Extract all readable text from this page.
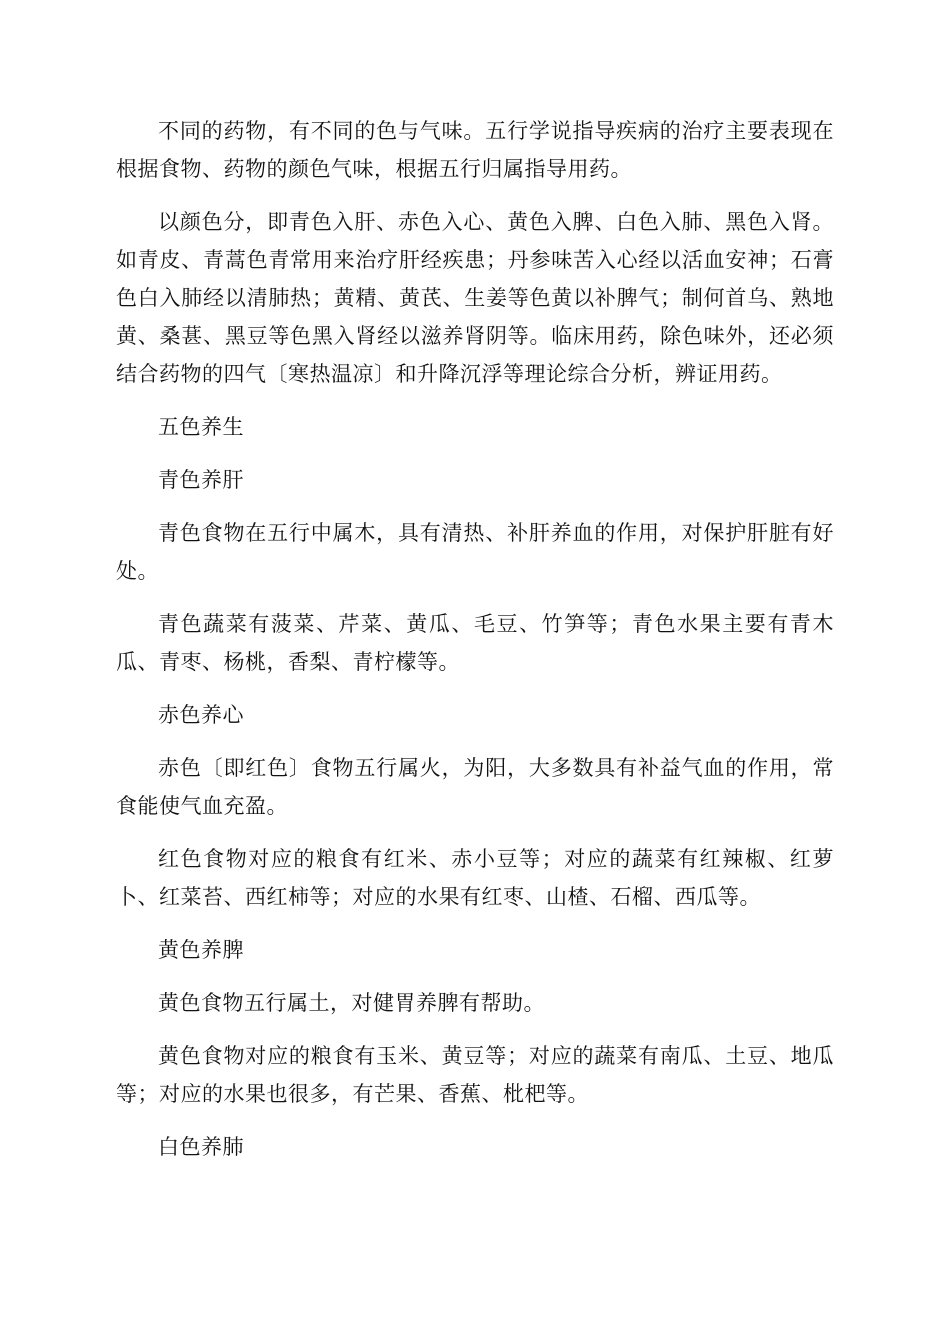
不同的药物，有不同的色与气味。五行学说指导疾病的治疗主要表现在根据食物、药物的颜色气味，根据五行归属指导用药。

以颜色分，即青色入肝、赤色入心、黄色入脾、白色入肺、黑色入肾。如青皮、青蒿色青常用来治疗肝经疾患；丹参味苦入心经以活血安神；石膏色白入肺经以清肺热；黄精、黄芪、生姜等色黄以补脾气；制何首乌、熟地黄、桑葚、黑豆等色黑入肾经以滋养肾阴等。临床用药，除色味外，还必须结合药物的四气〔寒热温凉〕和升降沉浮等理论综合分析，辨证用药。

五色养生

青色养肝

青色食物在五行中属木，具有清热、补肝养血的作用，对保护肝脏有好处。

青色蔬菜有菠菜、芹菜、黄瓜、毛豆、竹笋等；青色水果主要有青木瓜、青枣、杨桃，香梨、青柠檬等。

赤色养心

赤色〔即红色〕食物五行属火，为阳，大多数具有补益气血的作用，常食能使气血充盈。

红色食物对应的粮食有红米、赤小豆等；对应的蔬菜有红辣椒、红萝卜、红菜苔、西红柿等；对应的水果有红枣、山楂、石榴、西瓜等。

黄色养脾

黄色食物五行属土，对健胃养脾有帮助。

黄色食物对应的粮食有玉米、黄豆等；对应的蔬菜有南瓜、土豆、地瓜等；对应的水果也很多，有芒果、香蕉、枇杷等。

白色养肺
